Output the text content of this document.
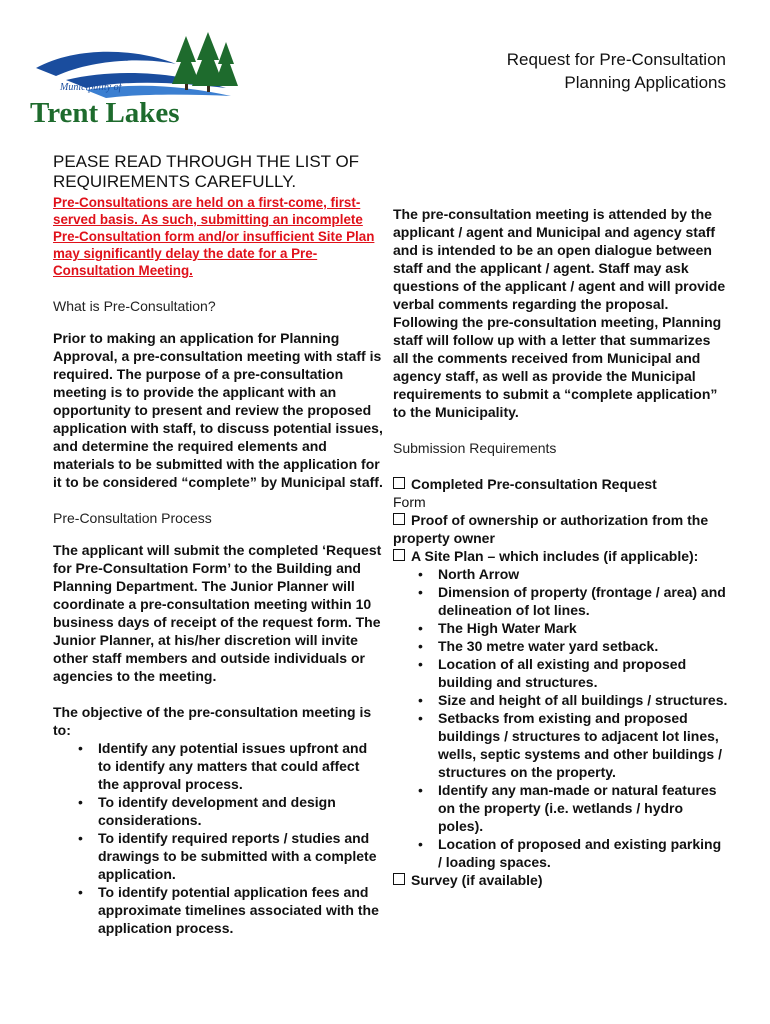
Municipality of
Trent Lakes
Request for Pre-Consultation
Planning Applications
PEASE READ THROUGH THE LIST OF
REQUIREMENTS CAREFULLY.

Pre-Consultations are held on a first-come, first-served basis. As such, submitting an incomplete Pre-Consultation form and/or insufficient Site Plan may significantly delay the date for a Pre-Consultation Meeting.

What is Pre-Consultation?

Prior to making an application for Planning Approval, a pre-consultation meeting with staff is required. The purpose of a pre-consultation meeting is to provide the applicant with an opportunity to present and review the proposed application with staff, to discuss potential issues, and determine the required elements and materials to be submitted with the application for it to be considered “complete” by Municipal staff.

Pre-Consultation Process

The applicant will submit the completed ‘Request for Pre-Consultation Form’ to the Building and Planning Department. The Junior Planner will coordinate a pre-consultation meeting within 10 business days of receipt of the request form. The Junior Planner, at his/her discretion will invite other staff members and outside individuals or agencies to the meeting.

The objective of the pre-consultation meeting is to:

• Identify any potential issues upfront and to identify any matters that could affect the approval process.
• To identify development and design considerations.
• To identify required reports / studies and drawings to be submitted with a complete application.
• To identify potential application fees and approximate timelines associated with the application process.

The pre-consultation meeting is attended by the applicant / agent and Municipal and agency staff and is intended to be an open dialogue between staff and the applicant / agent. Staff may ask questions of the applicant / agent and will provide verbal comments regarding the proposal. Following the pre-consultation meeting, Planning staff will follow up with a letter that summarizes all the comments received from Municipal and agency staff, as well as provide the Municipal requirements to submit a “complete application” to the Municipality.

Submission Requirements

Completed Pre-consultation Request
Form

Proof of ownership or authorization from the property owner

A Site Plan – which includes (if applicable):

• North Arrow
• Dimension of property (frontage / area) and delineation of lot lines.
• The High Water Mark
• The 30 metre water yard setback.
• Location of all existing and proposed building and structures.
• Size and height of all buildings / structures.
• Setbacks from existing and proposed buildings / structures to adjacent lot lines, wells, septic systems and other buildings / structures on the property.
• Identify any man-made or natural features on the property (i.e. wetlands / hydro poles).
• Location of proposed and existing parking / loading spaces.

Survey (if available)
